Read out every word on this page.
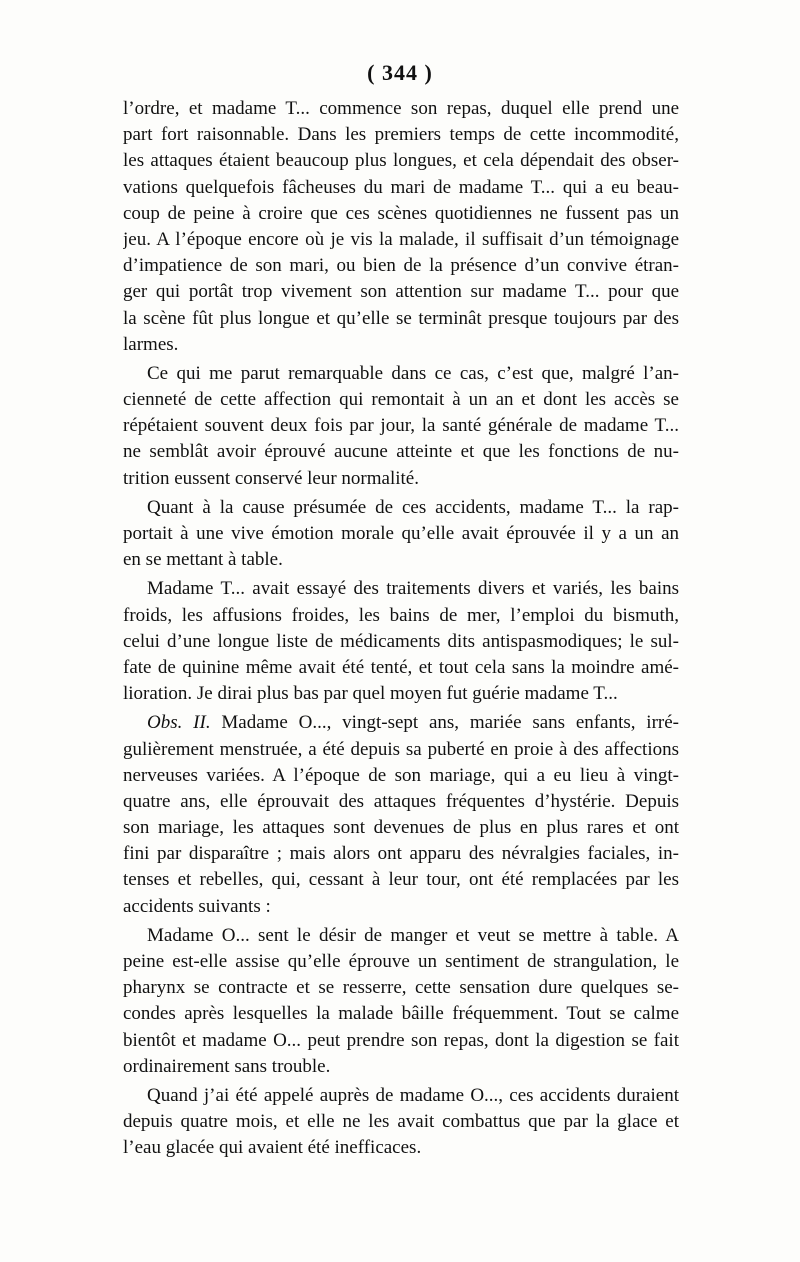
( 344 )
l’ordre, et madame T... commence son repas, duquel elle prend une
part fort raisonnable. Dans les premiers temps de cette incommodité,
les attaques étaient beaucoup plus longues, et cela dépendait des obser-
vations quelquefois fâcheuses du mari de madame T... qui a eu beau-
coup de peine à croire que ces scènes quotidiennes ne fussent pas un
jeu. A l’époque encore où je vis la malade, il suffisait d’un témoignage
d’impatience de son mari, ou bien de la présence d’un convive étran-
ger qui portât trop vivement son attention sur madame T... pour que
la scène fût plus longue et qu’elle se terminât presque toujours par des
larmes.
Ce qui me parut remarquable dans ce cas, c’est que, malgré l’an-
cienneté de cette affection qui remontait à un an et dont les accès se
répétaient souvent deux fois par jour, la santé générale de madame T...
ne semblât avoir éprouvé aucune atteinte et que les fonctions de nu-
trition eussent conservé leur normalité.
Quant à la cause présumée de ces accidents, madame T... la rap-
portait à une vive émotion morale qu’elle avait éprouvée il y a un an
en se mettant à table.
Madame T... avait essayé des traitements divers et variés, les bains
froids, les affusions froides, les bains de mer, l’emploi du bismuth,
celui d’une longue liste de médicaments dits antispasmodiques; le sul-
fate de quinine même avait été tenté, et tout cela sans la moindre amé-
lioration. Je dirai plus bas par quel moyen fut guérie madame T...
Obs. II. Madame O..., vingt-sept ans, mariée sans enfants, irré-
gulièrement menstruée, a été depuis sa puberté en proie à des affections
nerveuses variées. A l’époque de son mariage, qui a eu lieu à vingt-
quatre ans, elle éprouvait des attaques fréquentes d’hystérie. Depuis
son mariage, les attaques sont devenues de plus en plus rares et ont
fini par disparaître ; mais alors ont apparu des névralgies faciales, in-
tenses et rebelles, qui, cessant à leur tour, ont été remplacées par les
accidents suivants :
Madame O... sent le désir de manger et veut se mettre à table. A
peine est-elle assise qu’elle éprouve un sentiment de strangulation, le
pharynx se contracte et se resserre, cette sensation dure quelques se-
condes après lesquelles la malade bâille fréquemment. Tout se calme
bientôt et madame O... peut prendre son repas, dont la digestion se fait
ordinairement sans trouble.
Quand j’ai été appelé auprès de madame O..., ces accidents duraient
depuis quatre mois, et elle ne les avait combattus que par la glace et
l’eau glacée qui avaient été inefficaces.
